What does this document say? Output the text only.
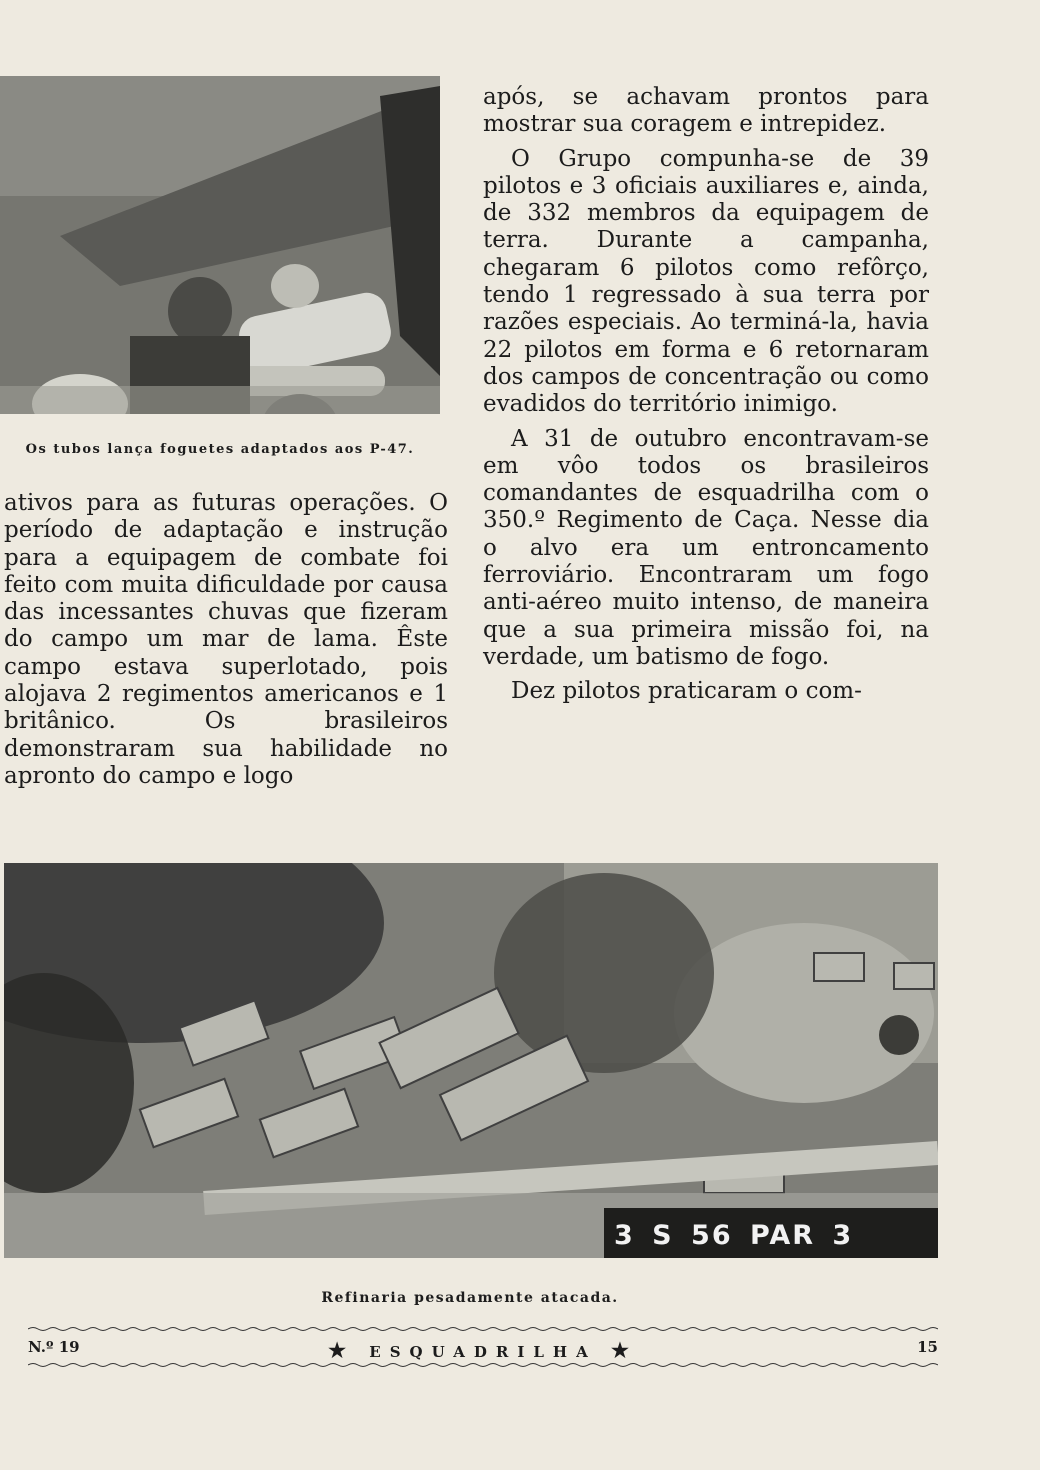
Os tubos lança foguetes adaptados aos P-47.

ativos para as futuras operações. O período de adaptação e instrução para a equipagem de combate foi feito com muita dificuldade por causa das incessantes chuvas que fizeram do campo um mar de lama. Êste campo estava superlotado, pois alojava 2 regimentos americanos e 1 britânico. Os brasileiros demonstraram sua habilidade no apronto do campo e logo

após, se achavam prontos para mostrar sua coragem e intrepidez.

O Grupo compunha-se de 39 pilotos e 3 oficiais auxiliares e, ainda, de 332 membros da equipagem de terra. Durante a campanha, chegaram 6 pilotos como refôrço, tendo 1 regressado à sua terra por razões especiais. Ao terminá-la, havia 22 pilotos em forma e 6 retornaram dos campos de concentração ou como evadidos do território inimigo.

A 31 de outubro encontravam-se em vôo todos os brasileiros comandantes de esquadrilha com o 350.º Regimento de Caça. Nesse dia o alvo era um entroncamento ferroviário. Encontraram um fogo anti-aéreo muito intenso, de maneira que a sua primeira missão foi, na verdade, um batismo de fogo.

Dez pilotos praticaram o com-

3 S 56 PAR 3
Refinaria pesadamente atacada.
N.º 19	★ ESQUADRILHA ★	15
